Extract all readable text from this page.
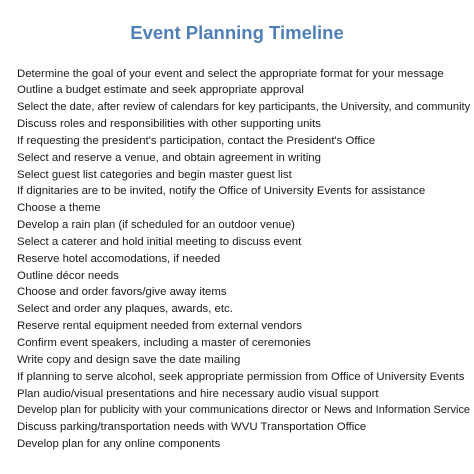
Event Planning Timeline
Determine the goal of your event and select the appropriate format for your message
Outline a budget estimate and seek appropriate approval
Select the date, after review of calendars for key participants, the University, and community
Discuss roles and responsibilities with other supporting units
If requesting the president's participation, contact the President's Office
Select and reserve a venue, and obtain agreement in writing
Select guest list categories and begin master guest list
If dignitaries are to be invited, notify the Office of University Events for assistance
Choose a theme
Develop a rain plan (if scheduled for an outdoor venue)
Select a caterer and hold initial meeting to discuss event
Reserve hotel accomodations, if needed
Outline décor needs
Choose and order favors/give away items
Select and order any plaques, awards, etc.
Reserve rental equipment needed from external vendors
Confirm event speakers, including a master of ceremonies
Write copy and design save the date mailing
If planning to serve alcohol, seek appropriate permission from Office of University Events
Plan audio/visual presentations and hire necessary audio visual support
Develop plan for publicity with your communications director or News and Information Service
Discuss parking/transportation needs with WVU Transportation Office
Develop plan for any online components
